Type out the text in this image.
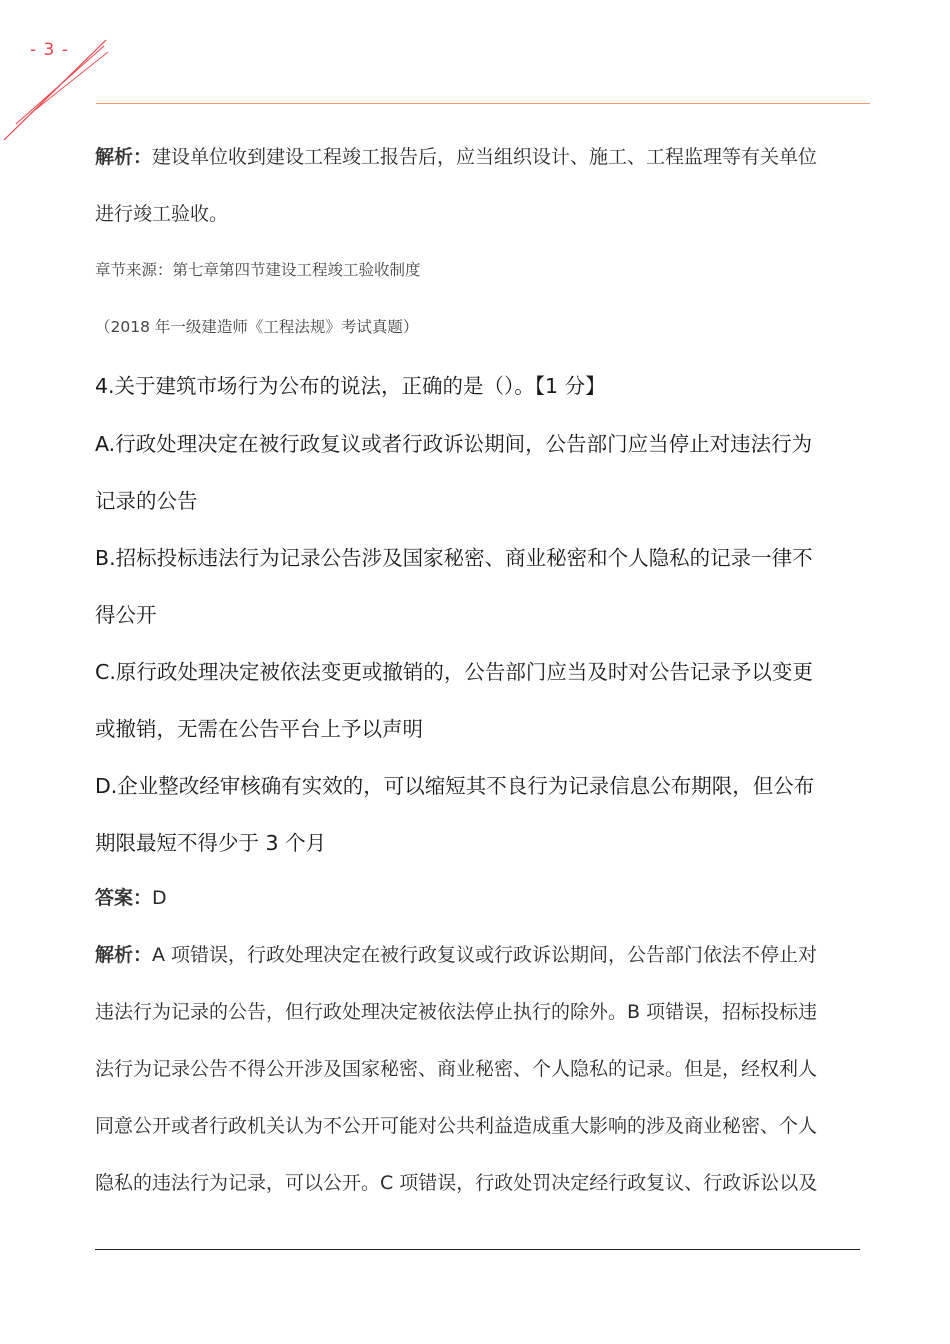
- 3 -
解析：建设单位收到建设工程竣工报告后，应当组织设计、施工、工程监理等有关单位
进行竣工验收。
章节来源：第七章第四节建设工程竣工验收制度
（2018 年一级建造师《工程法规》考试真题）
4.关于建筑市场行为公布的说法，正确的是（）。【1 分】
A.行政处理决定在被行政复议或者行政诉讼期间，公告部门应当停止对违法行为
记录的公告
B.招标投标违法行为记录公告涉及国家秘密、商业秘密和个人隐私的记录一律不
得公开
C.原行政处理决定被依法变更或撤销的，公告部门应当及时对公告记录予以变更
或撤销，无需在公告平台上予以声明
D.企业整改经审核确有实效的，可以缩短其不良行为记录信息公布期限，但公布
期限最短不得少于 3 个月
答案：D
解析：A 项错误，行政处理决定在被行政复议或行政诉讼期间，公告部门依法不停止对
违法行为记录的公告，但行政处理决定被依法停止执行的除外。B 项错误，招标投标违
法行为记录公告不得公开涉及国家秘密、商业秘密、个人隐私的记录。但是，经权利人
同意公开或者行政机关认为不公开可能对公共利益造成重大影响的涉及商业秘密、个人
隐私的违法行为记录，可以公开。C 项错误，行政处罚决定经行政复议、行政诉讼以及
